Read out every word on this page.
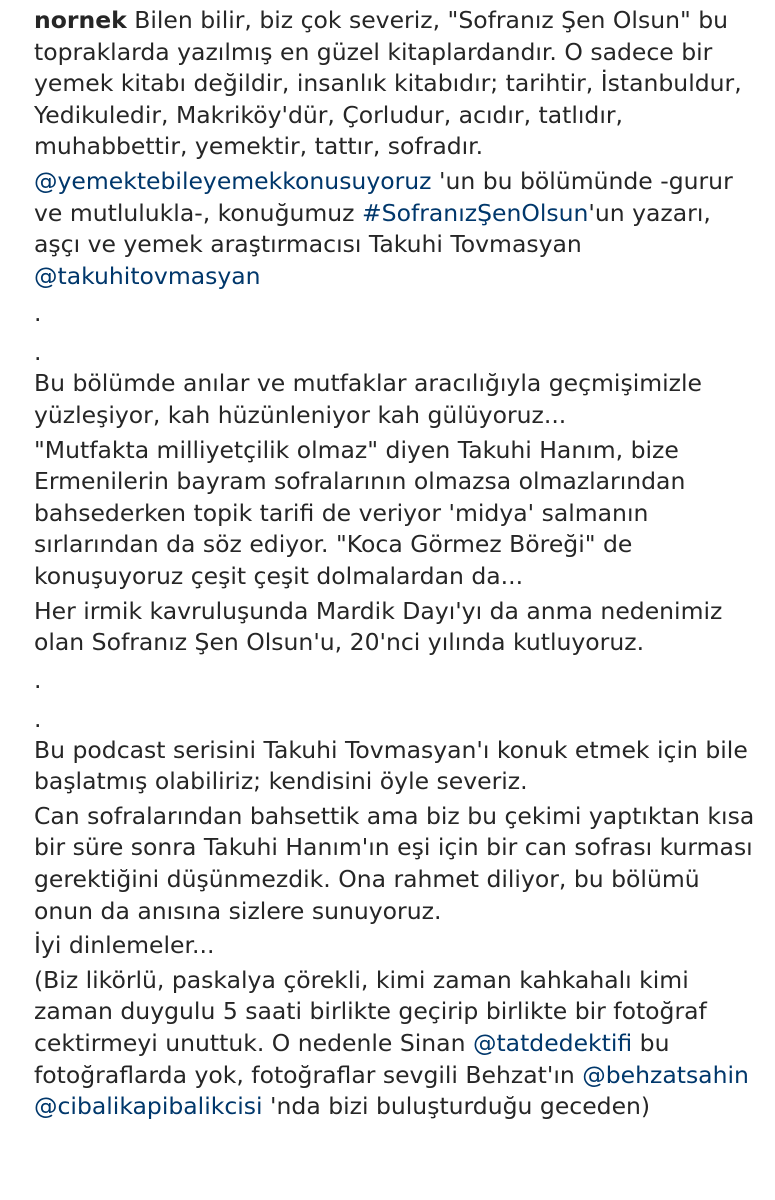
nornek Bilen bilir, biz çok severiz, "Sofranız Şen Olsun" bu topraklarda yazılmış en güzel kitaplardandır. O sadece bir yemek kitabı değildir, insanlık kitabıdır; tarihtir, İstanbuldur, Yedikuledir, Makriköy'dür, Çorludur, acıdır, tatlıdır, muhabbettir, yemektir, tattır, sofradır.

@yemektebileyemekkonusuyoruz 'un bu bölümünde -gurur ve mutlulukla-, konuğumuz #SofranızŞenOlsun'un yazarı, aşçı ve yemek araştırmacısı Takuhi Tovmasyan @takuhitovmasyan

.

.

Bu bölümde anılar ve mutfaklar aracılığıyla geçmişimizle yüzleşiyor, kah hüzünleniyor kah gülüyoruz...

"Mutfakta milliyetçilik olmaz" diyen Takuhi Hanım, bize Ermenilerin bayram sofralarının olmazsa olmazlarından bahsederken topik tarifi de veriyor 'midya' salmanın sırlarından da söz ediyor. "Koca Görmez Böreği" de konuşuyoruz çeşit çeşit dolmalardan da...

Her irmik kavruluşunda Mardik Dayı'yı da anma nedenimiz olan Sofranız Şen Olsun'u, 20'nci yılında kutluyoruz.

.

.

Bu podcast serisini Takuhi Tovmasyan'ı konuk etmek için bile başlatmış olabiliriz; kendisini öyle severiz.

Can sofralarından bahsettik ama biz bu çekimi yaptıktan kısa bir süre sonra Takuhi Hanım'ın eşi için bir can sofrası kurması gerektiğini düşünmezdik. Ona rahmet diliyor, bu bölümü onun da anısına sizlere sunuyoruz.

İyi dinlemeler...

(Biz likörlü, paskalya çörekli, kimi zaman kahkahalı kimi zaman duygulu 5 saati birlikte geçirip birlikte bir fotoğraf cektirmeyi unuttuk. O nedenle Sinan @tatdedektifi bu fotoğraflarda yok, fotoğraflar sevgili Behzat'ın @behzatsahin @cibalikapibalikcisi 'nda bizi buluşturduğu geceden)
